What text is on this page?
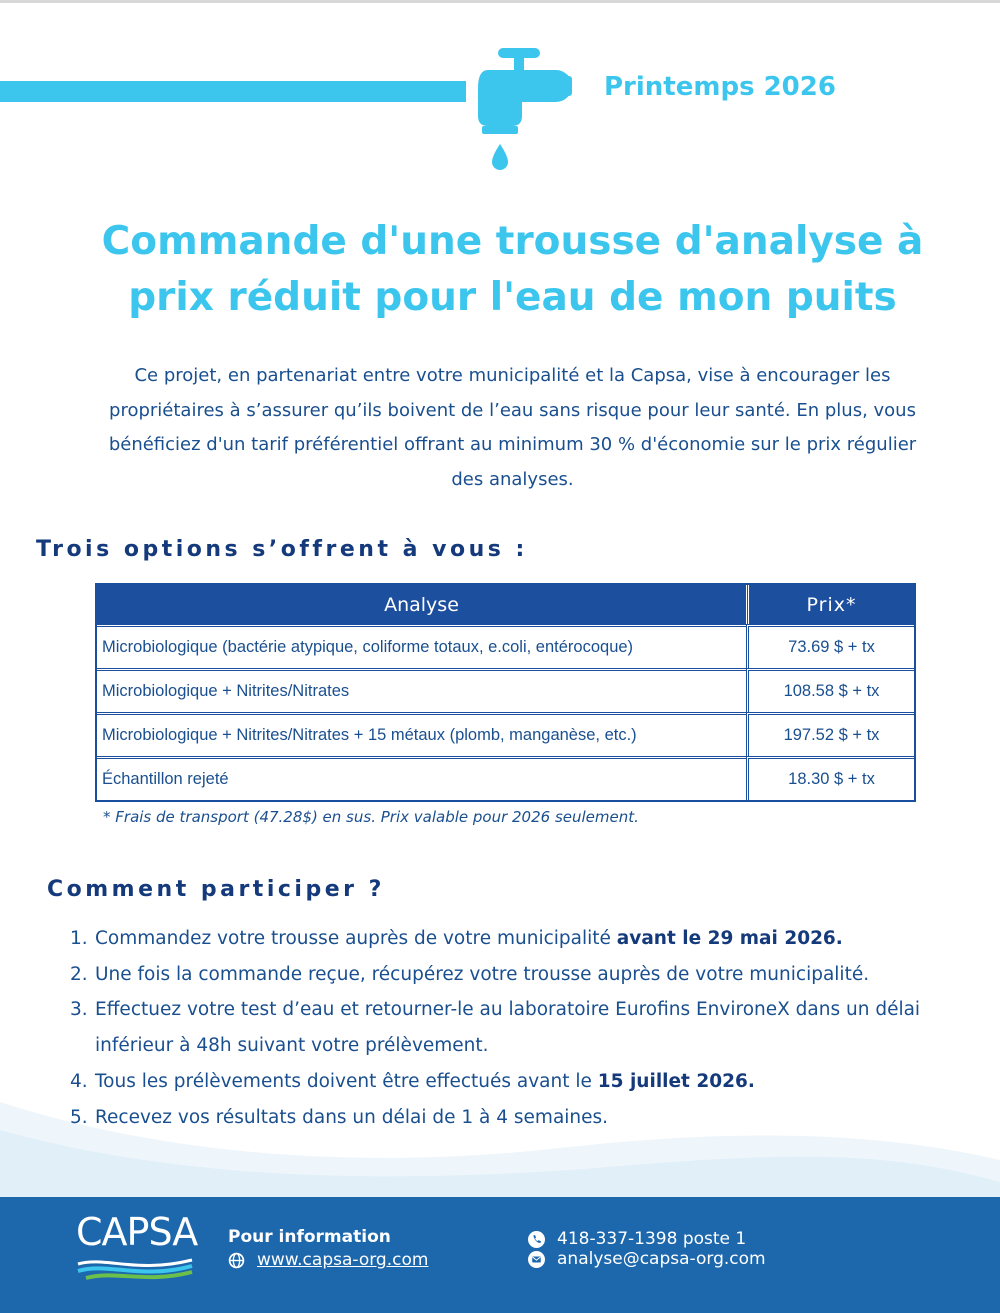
Printemps 2026
Commande d'une trousse d'analyse à
prix réduit pour l'eau de mon puits

Ce projet, en partenariat entre votre municipalité et la Capsa, vise à encourager les
propriétaires à s’assurer qu’ils boivent de l’eau sans risque pour leur santé. En plus, vous
bénéficiez d'un tarif préférentiel offrant au minimum 30 % d'économie sur le prix régulier
des analyses.

Trois options s’offrent à vous :
Analyse	Prix*
Microbiologique (bactérie atypique, coliforme totaux, e.coli, entérocoque)	73.69 $ + tx
Microbiologique + Nitrites/Nitrates	108.58 $ + tx
Microbiologique + Nitrites/Nitrates + 15 métaux (plomb, manganèse, etc.)	197.52 $ + tx
Échantillon rejeté	18.30 $ + tx

* Frais de transport (47.28$) en sus. Prix valable pour 2026 seulement.

Comment participer ?
1. Commandez votre trousse auprès de votre municipalité avant le 29 mai 2026.
2. Une fois la commande reçue, récupérez votre trousse auprès de votre municipalité.
3. Effectuez votre test d’eau et retourner-le au laboratoire Eurofins EnvironeX dans un délai inférieur à 48h suivant votre prélèvement.
4. Tous les prélèvements doivent être effectués avant le 15 juillet 2026.
5. Recevez vos résultats dans un délai de 1 à 4 semaines.
CAPSA Pour information
www.capsa-org.com
418-337-1398 poste 1
analyse@capsa-org.com
